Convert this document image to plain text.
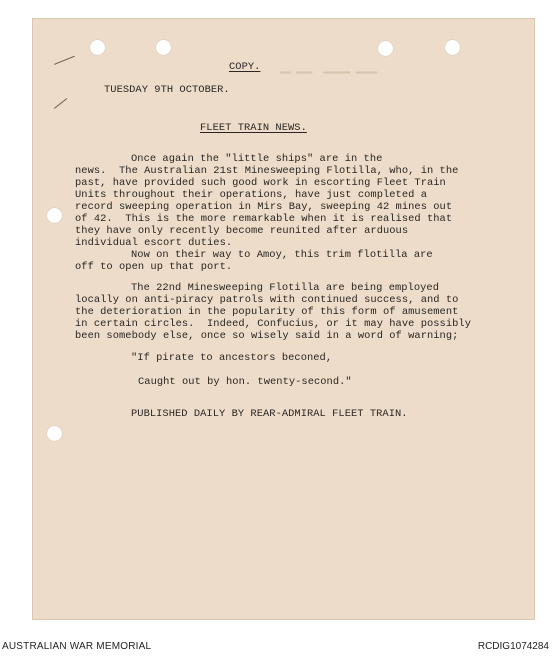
▬▬ ▬▬▬  ▬▬▬▬▬ ▬▬▬▬
COPY.
TUESDAY 9TH OCTOBER.
FLEET TRAIN NEWS.
Once again the "little ships" are in the
news.  The Australian 21st Minesweeping Flotilla, who, in the
past, have provided such good work in escorting Fleet Train
Units throughout their operations, have just completed a
record sweeping operation in Mirs Bay, sweeping 42 mines out
of 42.  This is the more remarkable when it is realised that
they have only recently become reunited after arduous
individual escort duties.
Now on their way to Amoy, this trim flotilla are
off to open up that port.
The 22nd Minesweeping Flotilla are being employed
locally on anti-piracy patrols with continued success, and to
the deterioration in the popularity of this form of amusement
in certain circles.  Indeed, Confucius, or it may have possibly
been somebody else, once so wisely said in a word of warning;
"If pirate to ancestors beconed,
Caught out by hon. twenty-second."
PUBLISHED DAILY BY REAR-ADMIRAL FLEET TRAIN.
AUSTRALIAN WAR MEMORIAL	RCDIG1074284
